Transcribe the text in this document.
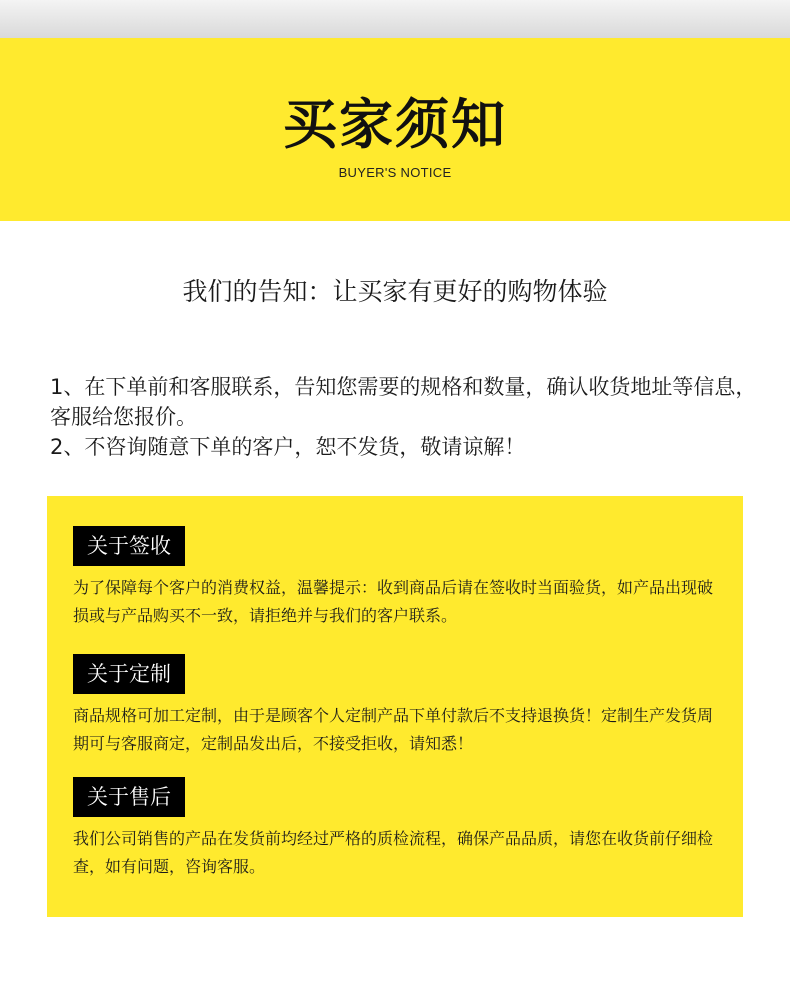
买家须知
BUYER'S NOTICE
我们的告知：让买家有更好的购物体验
1、在下单前和客服联系，告知您需要的规格和数量，确认收货地址等信息，客服给您报价。
2、不咨询随意下单的客户，恕不发货，敬请谅解！
关于签收

为了保障每个客户的消费权益，温馨提示：收到商品后请在签收时当面验货，如产品出现破损或与产品购买不一致，请拒绝并与我们的客户联系。

关于定制

商品规格可加工定制，由于是顾客个人定制产品下单付款后不支持退换货！定制生产发货周期可与客服商定，定制品发出后，不接受拒收，请知悉！

关于售后

我们公司销售的产品在发货前均经过严格的质检流程，确保产品品质，请您在收货前仔细检查，如有问题，咨询客服。
